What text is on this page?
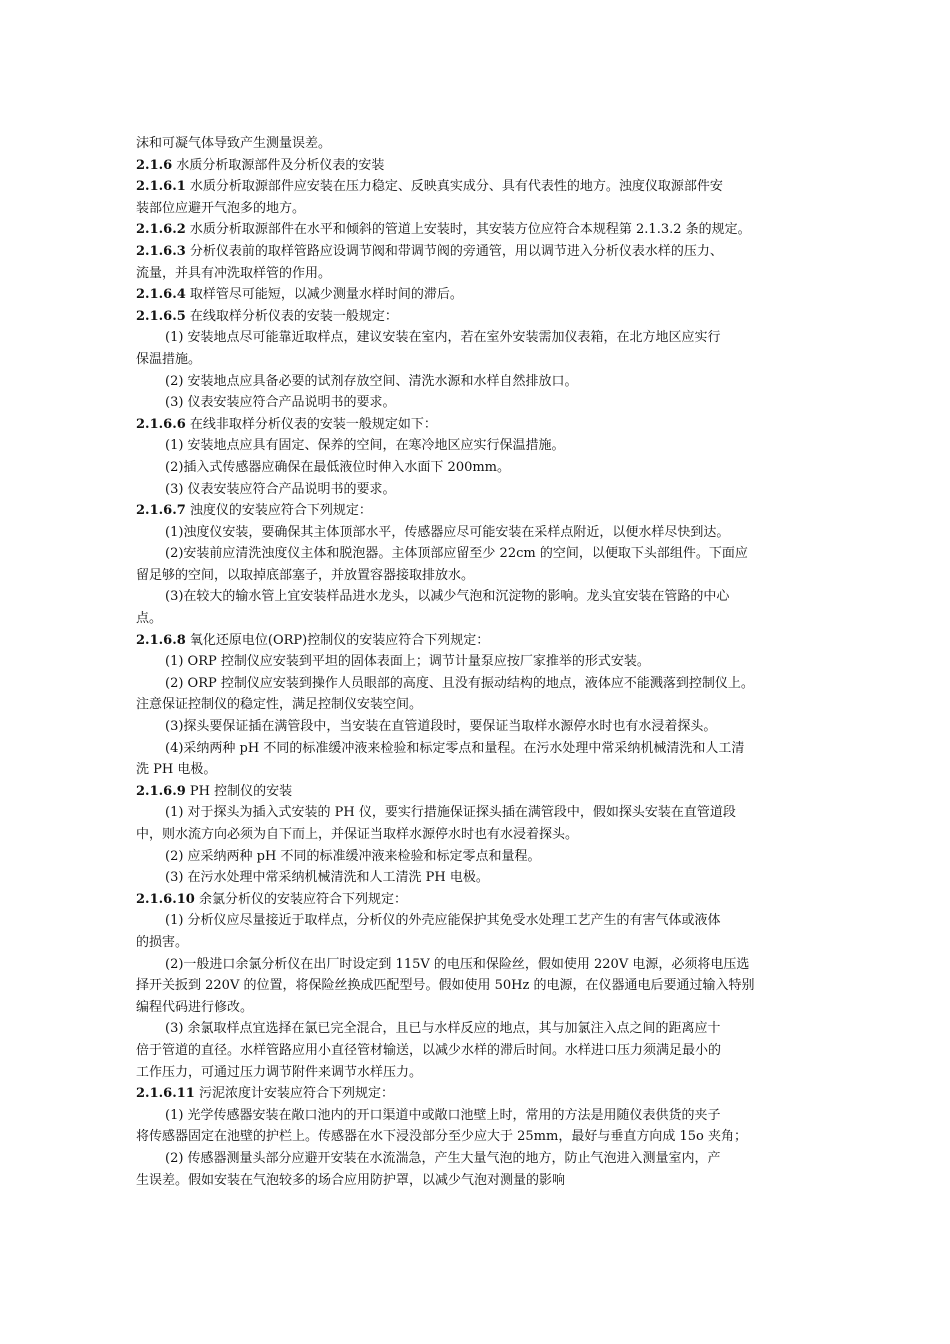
沫和可凝气体导致产生测量误差。
2.1.6 水质分析取源部件及分析仪表的安装
2.1.6.1 水质分析取源部件应安装在压力稳定、反映真实成分、具有代表性的地方。浊度仪取源部件安
装部位应避开气泡多的地方。
2.1.6.2 水质分析取源部件在水平和倾斜的管道上安装时，其安装方位应符合本规程第 2.1.3.2 条的规定。
2.1.6.3 分析仪表前的取样管路应设调节阀和带调节阀的旁通管，用以调节进入分析仪表水样的压力、
流量，并具有冲洗取样管的作用。
2.1.6.4 取样管尽可能短，以减少测量水样时间的滞后。
2.1.6.5 在线取样分析仪表的安装一般规定：
(1) 安装地点尽可能靠近取样点，建议安装在室内，若在室外安装需加仪表箱，在北方地区应实行
保温措施。
(2) 安装地点应具备必要的试剂存放空间、清洗水源和水样自然排放口。
(3) 仪表安装应符合产品说明书的要求。
2.1.6.6 在线非取样分析仪表的安装一般规定如下：
(1) 安装地点应具有固定、保养的空间，在寒冷地区应实行保温措施。
(2)插入式传感器应确保在最低液位时伸入水面下 200mm。
(3) 仪表安装应符合产品说明书的要求。
2.1.6.7 浊度仪的安装应符合下列规定：
(1)浊度仪安装，要确保其主体顶部水平，传感器应尽可能安装在采样点附近，以便水样尽快到达。
(2)安装前应清洗浊度仪主体和脱泡器。主体顶部应留至少 22cm 的空间，以便取下头部组件。下面应
留足够的空间，以取掉底部塞子，并放置容器接取排放水。
(3)在较大的输水管上宜安装样品进水龙头，以减少气泡和沉淀物的影响。龙头宜安装在管路的中心
点。
2.1.6.8 氧化还原电位(ORP)控制仪的安装应符合下列规定：
(1) ORP 控制仪应安装到平坦的固体表面上；调节计量泵应按厂家推举的形式安装。
(2) ORP 控制仪应安装到操作人员眼部的高度、且没有振动结构的地点，液体应不能溅落到控制仪上。
注意保证控制仪的稳定性，满足控制仪安装空间。
(3)探头要保证插在满管段中，当安装在直管道段时，要保证当取样水源停水时也有水浸着探头。
(4)采纳两种 pH 不同的标准缓冲液来检验和标定零点和量程。在污水处理中常采纳机械清洗和人工清
洗 PH 电极。
2.1.6.9 PH 控制仪的安装
(1) 对于探头为插入式安装的 PH 仪，要实行措施保证探头插在满管段中，假如探头安装在直管道段
中，则水流方向必须为自下而上，并保证当取样水源停水时也有水浸着探头。
(2) 应采纳两种 pH 不同的标准缓冲液来检验和标定零点和量程。
(3) 在污水处理中常采纳机械清洗和人工清洗 PH 电极。
2.1.6.10 余氯分析仪的安装应符合下列规定：
(1) 分析仪应尽量接近于取样点，分析仪的外壳应能保护其免受水处理工艺产生的有害气体或液体
的损害。
(2)一般进口余氯分析仪在出厂时设定到 115V 的电压和保险丝，假如使用 220V 电源，必须将电压选
择开关扳到 220V 的位置，将保险丝换成匹配型号。假如使用 50Hz 的电源，在仪器通电后要通过输入特别
编程代码进行修改。
(3) 余氯取样点宜选择在氯已完全混合，且已与水样反应的地点，其与加氯注入点之间的距离应十
倍于管道的直径。水样管路应用小直径管材输送，以减少水样的滞后时间。水样进口压力须满足最小的
工作压力，可通过压力调节附件来调节水样压力。
2.1.6.11 污泥浓度计安装应符合下列规定：
(1) 光学传感器安装在敞口池内的开口渠道中或敞口池壁上时，常用的方法是用随仪表供货的夹子
将传感器固定在池壁的护栏上。传感器在水下浸没部分至少应大于 25mm，最好与垂直方向成 15o 夹角；
(2) 传感器测量头部分应避开安装在水流湍急，产生大量气泡的地方，防止气泡进入测量室内，产
生误差。假如安装在气泡较多的场合应用防护罩，以减少气泡对测量的影响
